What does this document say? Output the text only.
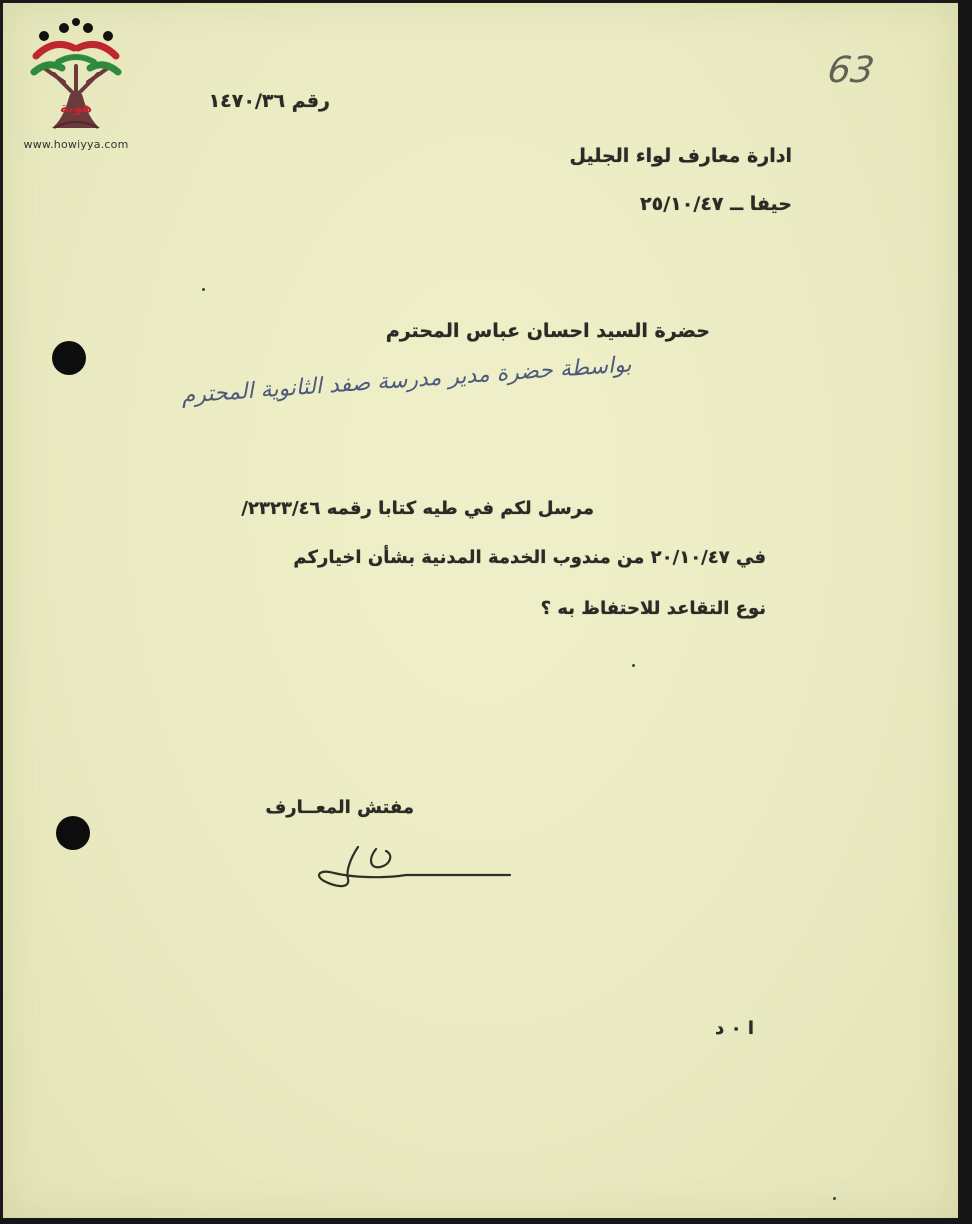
هوية
www.howiyya.com
63
رقم ١٤٧٠/٣٦
ادارة معارف لواء الجليل
حيفا ــ ٢٥/١٠/٤٧
حضرة السيد احسان عباس المحترم
بواسطة حضرة مدير مدرسة صفد الثانوية المحترم
مرسل لكم في طيه كتابا رقمه ٢٣٢٣/٤٦/
في ٢٠/١٠/٤٧ من مندوب الخدمة المدنية بشأن اخياركم
نوع التقاعد للاحتفاظ به ؟
مفتش المعــارف
ا ٠ د
